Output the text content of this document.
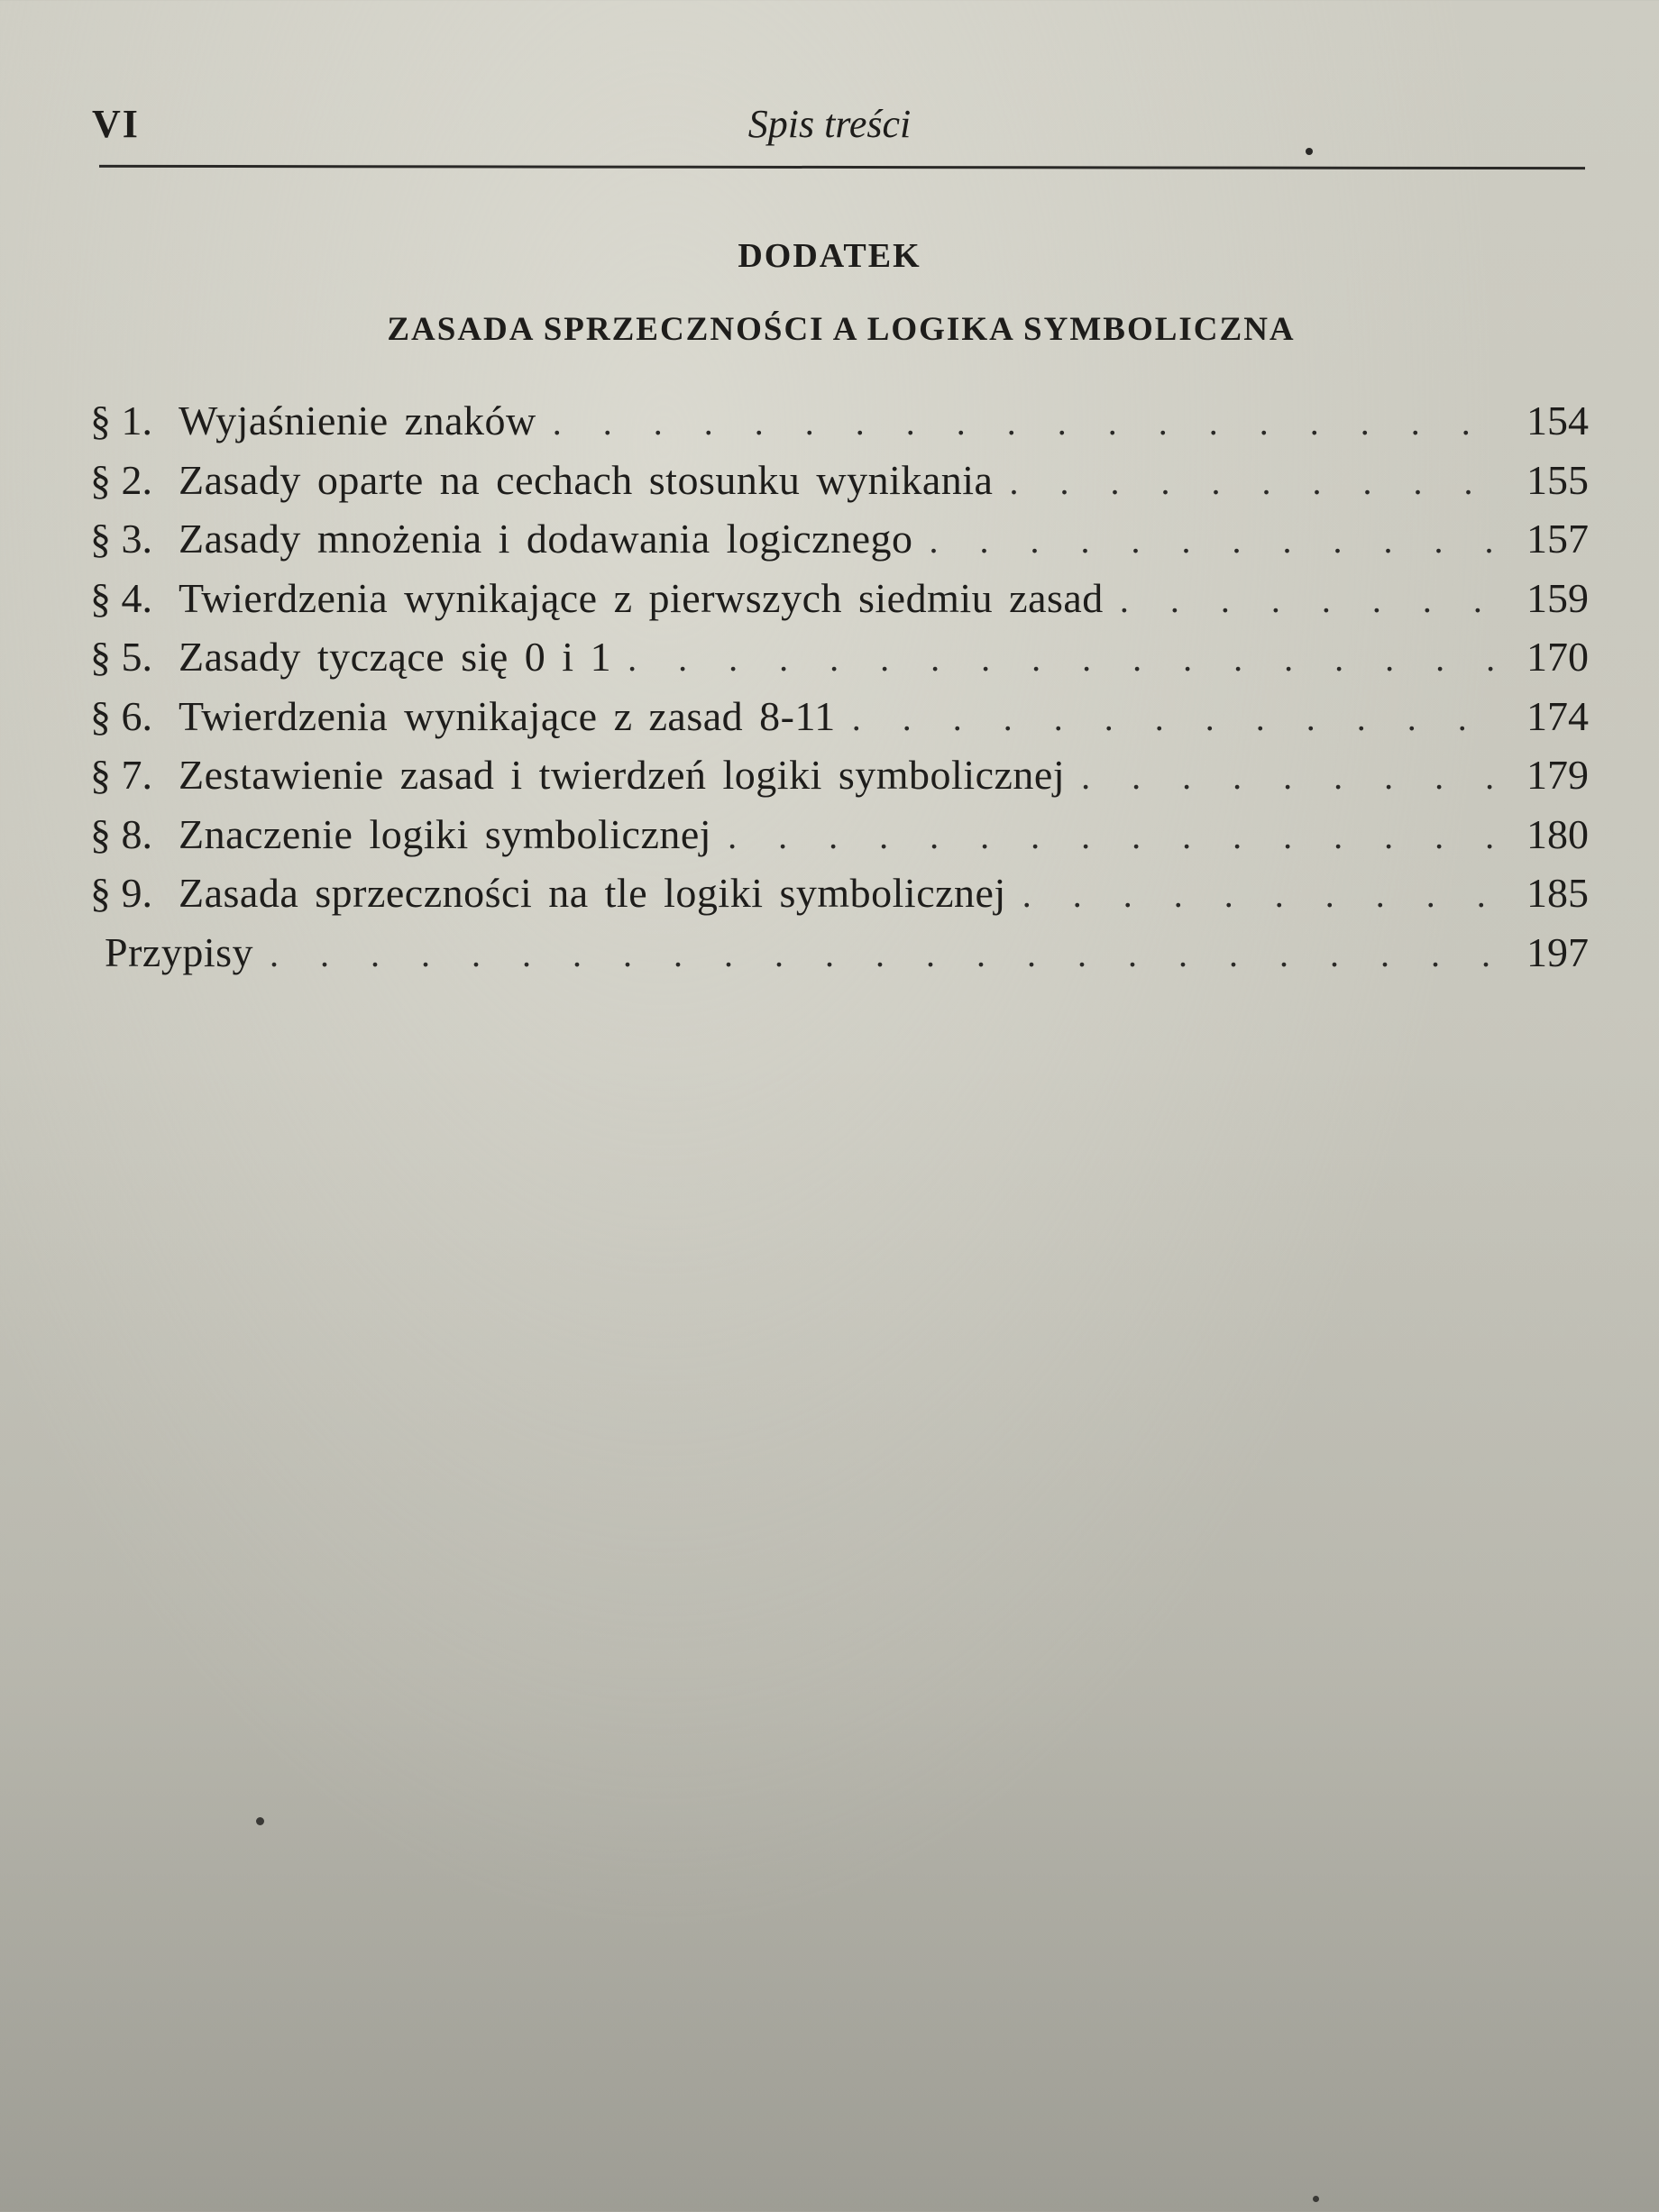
VI	Spis treści
DODATEK
ZASADA SPRZECZNOŚCI A LOGIKA SYMBOLICZNA
§ 1. Wyjaśnienie znaków . . .	154
§ 2. Zasady oparte na cechach stosunku wynikania . . .	155
§ 3. Zasady mnożenia i dodawania logicznego . . .	157
§ 4. Twierdzenia wynikające z pierwszych siedmiu zasad . . .	159
§ 5. Zasady tyczące się 0 i 1 . . .	170
§ 6. Twierdzenia wynikające z zasad 8-11 . . .	174
§ 7. Zestawienie zasad i twierdzeń logiki symbolicznej . . .	179
§ 8. Znaczenie logiki symbolicznej . . .	180
§ 9. Zasada sprzeczności na tle logiki symbolicznej . . .	185
Przypisy . . .	197
